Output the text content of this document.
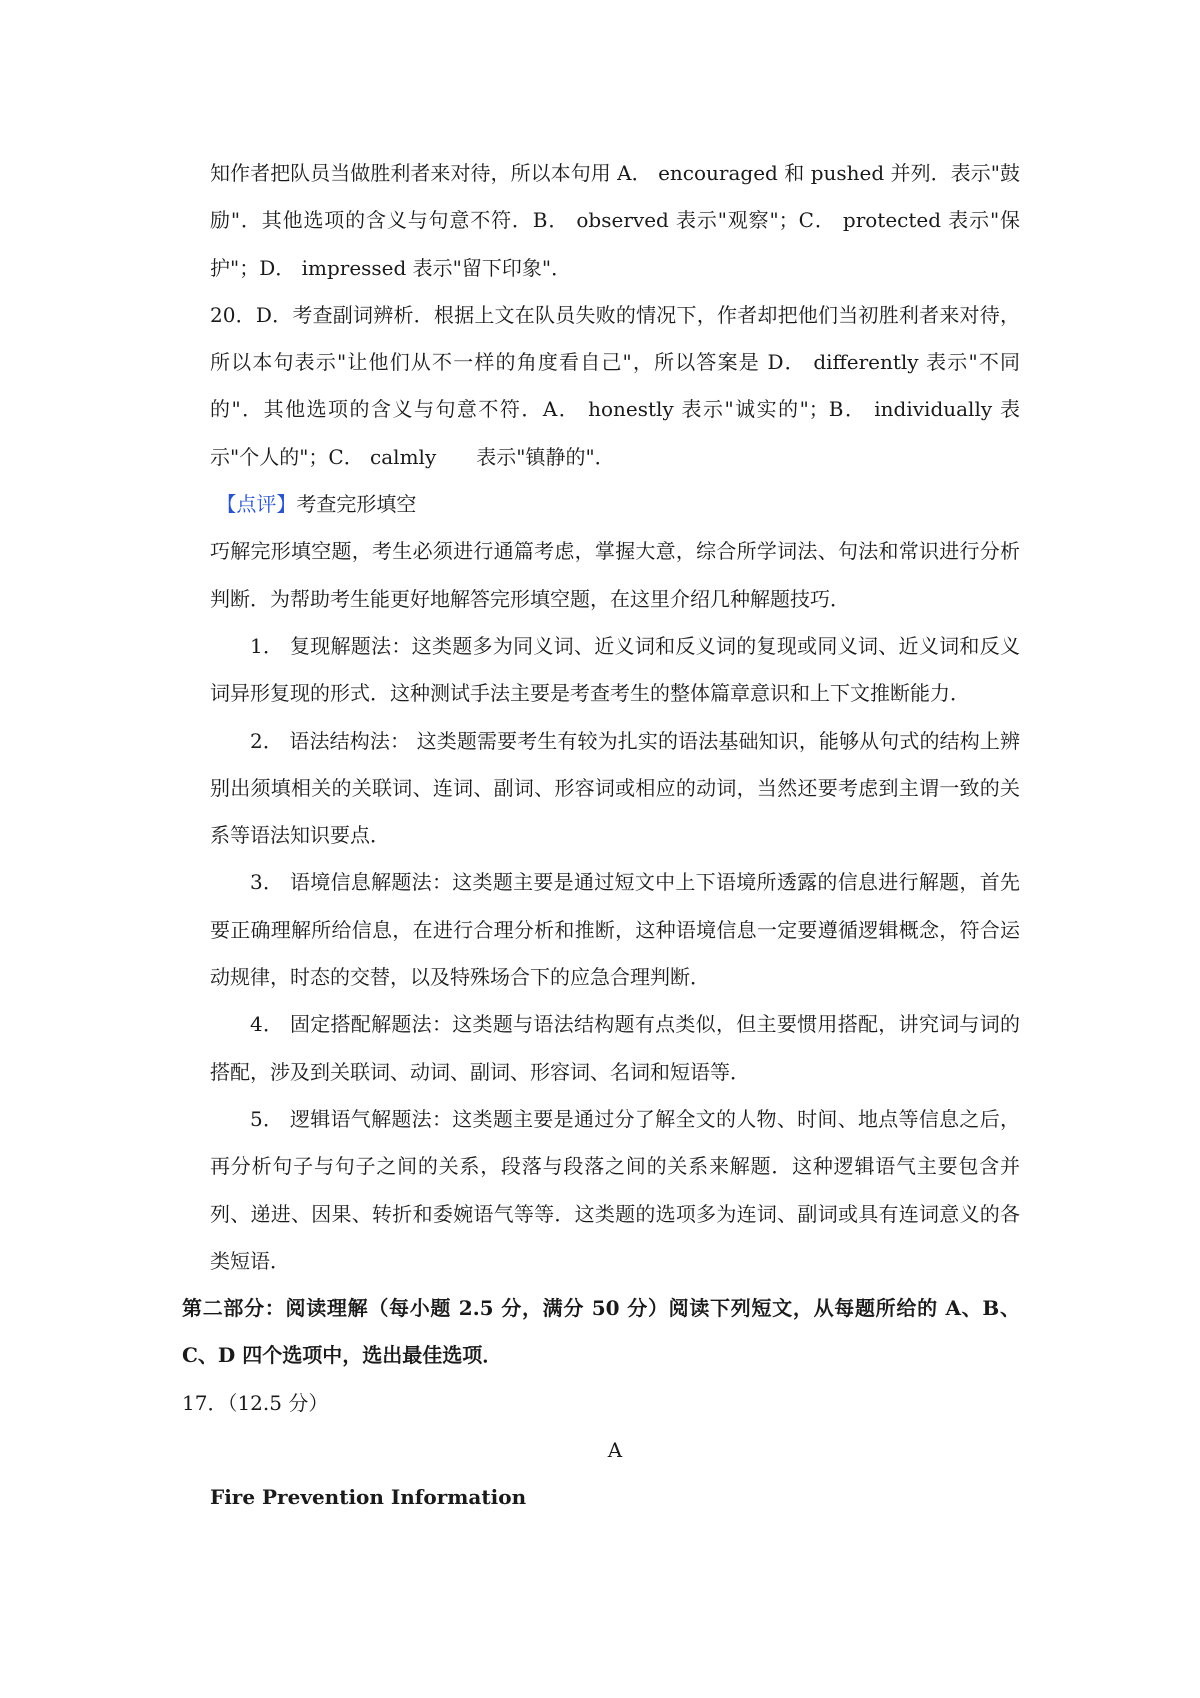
知作者把队员当做胜利者来对待，所以本句用 A． encouraged 和 pushed 并列．表示"鼓励"．其他选项的含义与句意不符．B． observed 表示"观察"；C． protected 表示"保护"；D． impressed 表示"留下印象"．

20．D．考查副词辨析．根据上文在队员失败的情况下，作者却把他们当初胜利者来对待，所以本句表示"让他们从不一样的角度看自己"，所以答案是 D． differently 表示"不同的"．其他选项的含义与句意不符．A． honestly 表示"诚实的"；B． individually 表示"个人的"；C． calmly　　表示"镇静的"．

【点评】考查完形填空

巧解完形填空题，考生必须进行通篇考虑，掌握大意，综合所学词法、句法和常识进行分析判断．为帮助考生能更好地解答完形填空题，在这里介绍几种解题技巧．

1． 复现解题法：这类题多为同义词、近义词和反义词的复现或同义词、近义词和反义词异形复现的形式．这种测试手法主要是考查考生的整体篇章意识和上下文推断能力．

2． 语法结构法： 这类题需要考生有较为扎实的语法基础知识，能够从句式的结构上辨别出须填相关的关联词、连词、副词、形容词或相应的动词，当然还要考虑到主谓一致的关系等语法知识要点．

3． 语境信息解题法：这类题主要是通过短文中上下语境所透露的信息进行解题，首先要正确理解所给信息，在进行合理分析和推断，这种语境信息一定要遵循逻辑概念，符合运动规律，时态的交替，以及特殊场合下的应急合理判断．

4． 固定搭配解题法：这类题与语法结构题有点类似，但主要惯用搭配，讲究词与词的搭配，涉及到关联词、动词、副词、形容词、名词和短语等．

5． 逻辑语气解题法：这类题主要是通过分了解全文的人物、时间、地点等信息之后，再分析句子与句子之间的关系，段落与段落之间的关系来解题．这种逻辑语气主要包含并列、递进、因果、转折和委婉语气等等．这类题的选项多为连词、副词或具有连词意义的各类短语．

第二部分：阅读理解（每小题 2.5 分，满分 50 分）阅读下列短文，从每题所给的 A、B、C、D 四个选项中，选出最佳选项．

17．（12.5 分）

A

Fire Prevention Information
